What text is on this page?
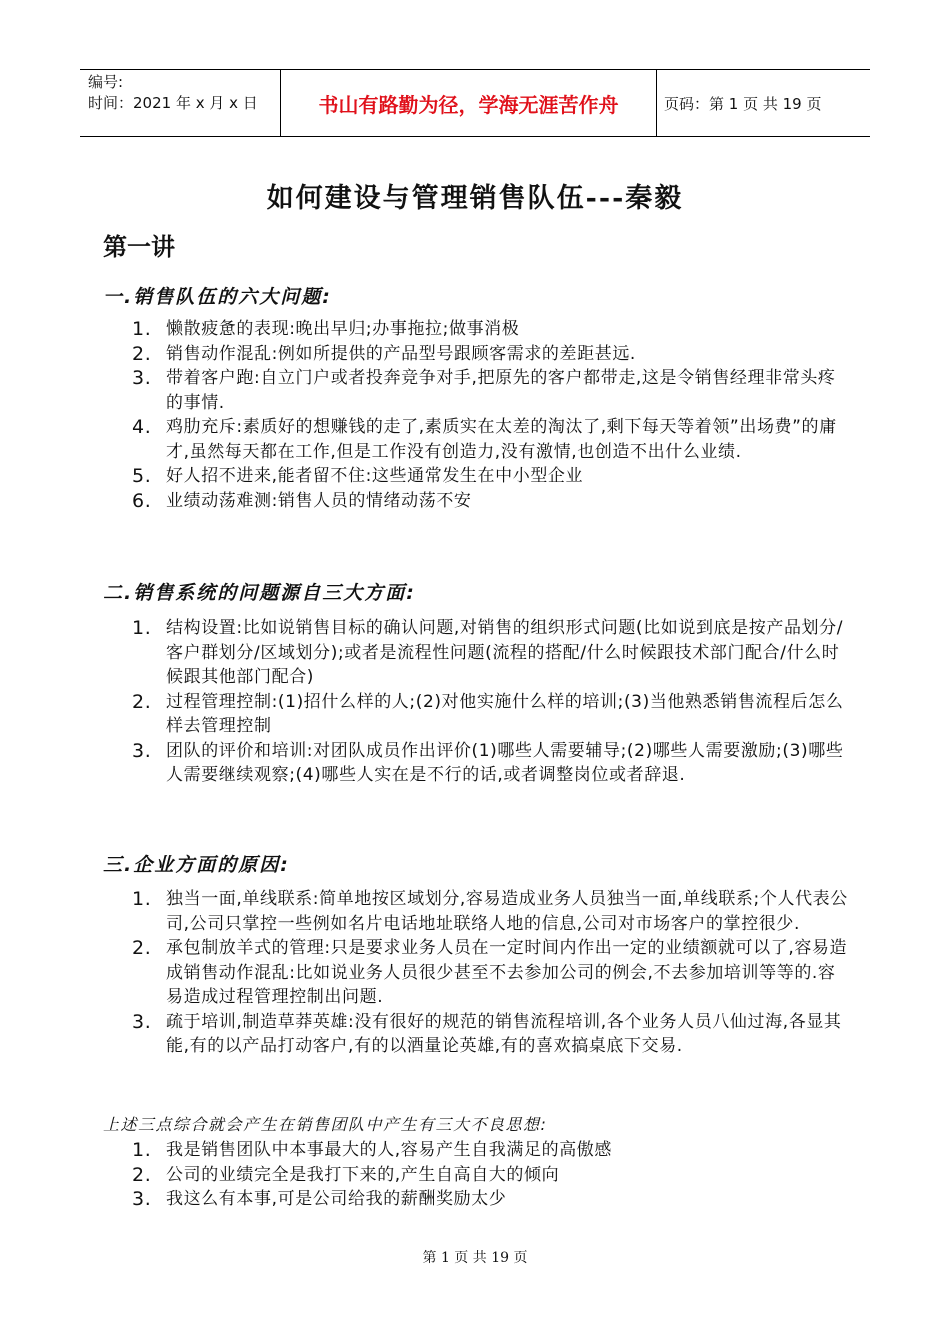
编号:
时间：2021 年 x 月 x 日	书山有路勤为径，学海无涯苦作舟	页码：第 1 页 共 19 页
如何建设与管理销售队伍---秦毅
第一讲
一.销售队伍的六大问题:
1. 懒散疲惫的表现:晚出早归;办事拖拉;做事消极
2. 销售动作混乱:例如所提供的产品型号跟顾客需求的差距甚远.
3. 带着客户跑:自立门户或者投奔竞争对手,把原先的客户都带走,这是令销售经理非常头疼的事情.
4. 鸡肋充斥:素质好的想赚钱的走了,素质实在太差的淘汰了,剩下每天等着领”出场费”的庸才,虽然每天都在工作,但是工作没有创造力,没有激情,也创造不出什么业绩.
5. 好人招不进来,能者留不住:这些通常发生在中小型企业
6. 业绩动荡难测:销售人员的情绪动荡不安
二.销售系统的问题源自三大方面:
1. 结构设置:比如说销售目标的确认问题,对销售的组织形式问题(比如说到底是按产品划分/客户群划分/区域划分);或者是流程性问题(流程的搭配/什么时候跟技术部门配合/什么时候跟其他部门配合)
2. 过程管理控制:(1)招什么样的人;(2)对他实施什么样的培训;(3)当他熟悉销售流程后怎么样去管理控制
3. 团队的评价和培训:对团队成员作出评价(1)哪些人需要辅导;(2)哪些人需要激励;(3)哪些人需要继续观察;(4)哪些人实在是不行的话,或者调整岗位或者辞退.
三.企业方面的原因:
1. 独当一面,单线联系:简单地按区域划分,容易造成业务人员独当一面,单线联系;个人代表公司,公司只掌控一些例如名片电话地址联络人地的信息,公司对市场客户的掌控很少.
2. 承包制放羊式的管理:只是要求业务人员在一定时间内作出一定的业绩额就可以了,容易造成销售动作混乱:比如说业务人员很少甚至不去参加公司的例会,不去参加培训等等的.容易造成过程管理控制出问题.
3. 疏于培训,制造草莽英雄:没有很好的规范的销售流程培训,各个业务人员八仙过海,各显其能,有的以产品打动客户,有的以酒量论英雄,有的喜欢搞桌底下交易.
上述三点综合就会产生在销售团队中产生有三大不良思想:
1. 我是销售团队中本事最大的人,容易产生自我满足的高傲感
2. 公司的业绩完全是我打下来的,产生自高自大的倾向
3. 我这么有本事,可是公司给我的薪酬奖励太少
第 1 页 共 19 页
